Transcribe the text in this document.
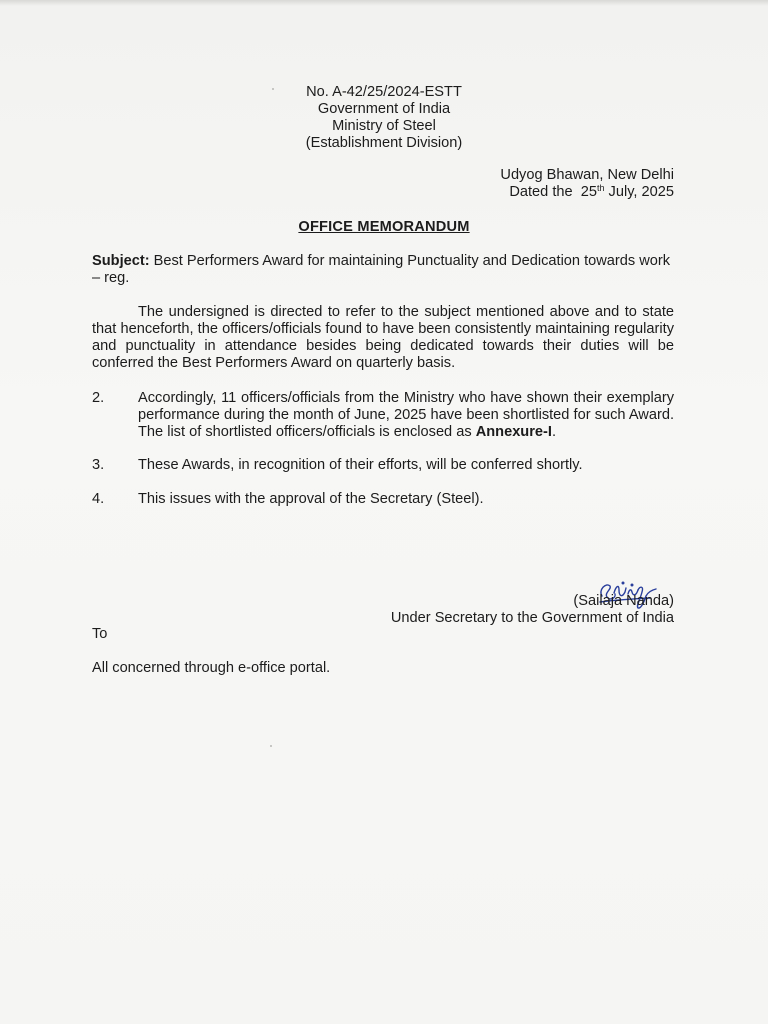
No. A-42/25/2024-ESTT
Government of India
Ministry of Steel
(Establishment Division)
Udyog Bhawan, New Delhi
Dated the  25th July, 2025
OFFICE MEMORANDUM
Subject: Best Performers Award for maintaining Punctuality and Dedication towards work – reg.
The undersigned is directed to refer to the subject mentioned above and to state that henceforth, the officers/officials found to have been consistently maintaining regularity and punctuality in attendance besides being dedicated towards their duties will be conferred the Best Performers Award on quarterly basis.
2.	Accordingly, 11 officers/officials from the Ministry who have shown their exemplary performance during the month of June, 2025 have been shortlisted for such Award. The list of shortlisted officers/officials is enclosed as Annexure-I.
3.	These Awards, in recognition of their efforts, will be conferred shortly.
4.	This issues with the approval of the Secretary (Steel).
(Sailaja Nanda)
Under Secretary to the Government of India
To
All concerned through e-office portal.
